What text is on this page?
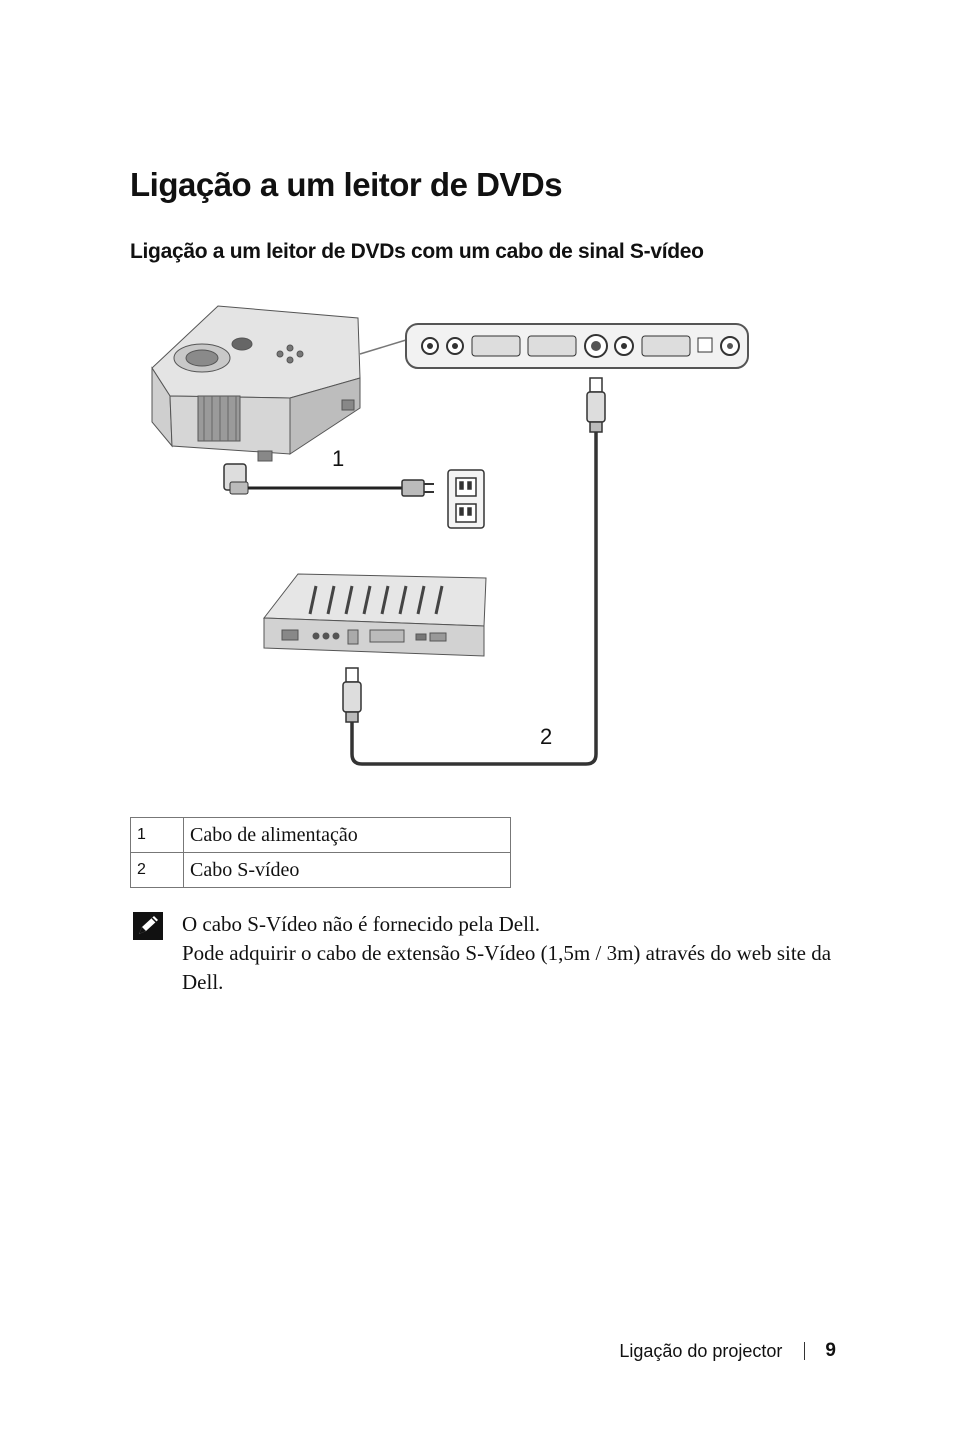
Ligação a um leitor de DVDs
Ligação a um leitor de DVDs com um cabo de sinal S-vídeo
1
2
1	Cabo de alimentação
2	Cabo S-vídeo

O cabo S-Vídeo não é fornecido pela Dell.

Pode adquirir o cabo de extensão S-Vídeo (1,5m / 3m) através do web site da Dell.

Ligação do projector 9
